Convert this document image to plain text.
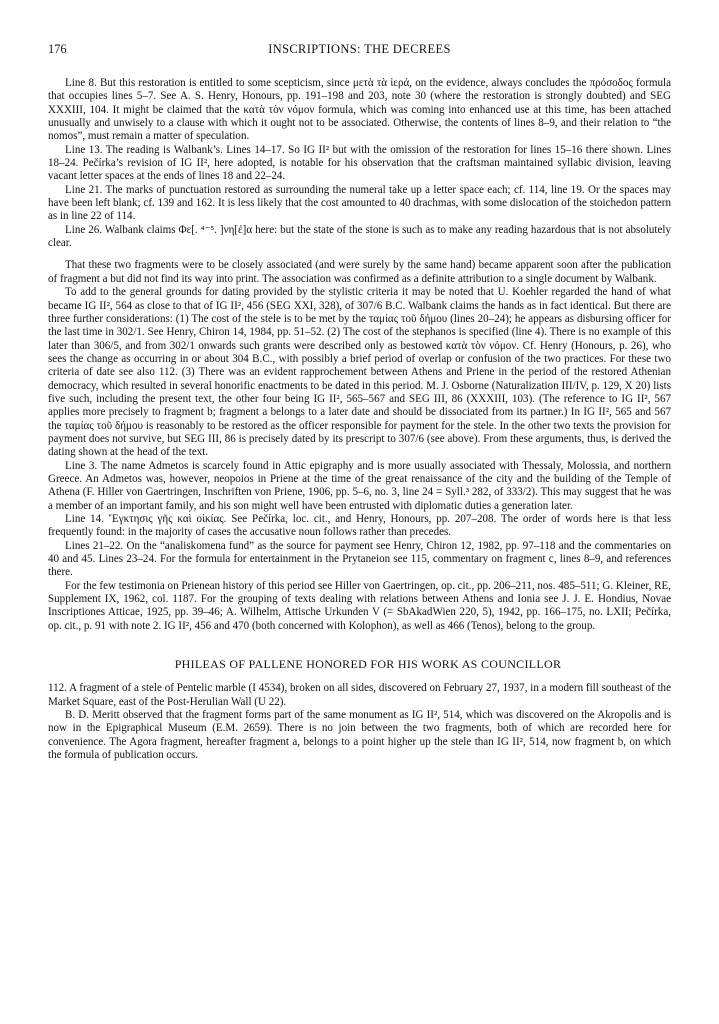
176	INSCRIPTIONS: THE DECREES

Line 8. But this restoration is entitled to some scepticism, since μετὰ τὰ ἱερά, on the evidence, always concludes the πρόσοδος formula that occupies lines 5–7. See A. S. Henry, Honours, pp. 191–198 and 203, note 30 (where the restoration is strongly doubted) and SEG XXXIII, 104. It might be claimed that the κατὰ τὸν νόμον formula, which was coming into enhanced use at this time, has been attached unusually and unwisely to a clause with which it ought not to be associated. Otherwise, the contents of lines 8–9, and their relation to “the nomos”, must remain a matter of speculation.

Line 13. The reading is Walbank’s. Lines 14–17. So IG II² but with the omission of the restoration for lines 15–16 there shown. Lines 18–24. Pečírka’s revision of IG II², here adopted, is notable for his observation that the craftsman maintained syllabic division, leaving vacant letter spaces at the ends of lines 18 and 22–24.

Line 21. The marks of punctuation restored as surrounding the numeral take up a letter space each; cf. 114, line 19. Or the spaces may have been left blank; cf. 139 and 162. It is less likely that the cost amounted to 40 drachmas, with some dislocation of the stoichedon pattern as in line 22 of 114.

Line 26. Walbank claims Φε[. ⁴⁻⁵. ]νη[έ]α here: but the state of the stone is such as to make any reading hazardous that is not absolutely clear.

That these two fragments were to be closely associated (and were surely by the same hand) became apparent soon after the publication of fragment a but did not find its way into print. The association was confirmed as a definite attribution to a single document by Walbank.

To add to the general grounds for dating provided by the stylistic criteria it may be noted that U. Koehler regarded the hand of what became IG II², 564 as close to that of IG II², 456 (SEG XXI, 328), of 307/6 B.C. Walbank claims the hands as in fact identical. But there are three further considerations: (1) The cost of the stele is to be met by the ταμίας τοῦ δήμου (lines 20–24); he appears as disbursing officer for the last time in 302/1. See Henry, Chiron 14, 1984, pp. 51–52. (2) The cost of the stephanos is specified (line 4). There is no example of this later than 306/5, and from 302/1 onwards such grants were described only as bestowed κατὰ τὸν νόμον. Cf. Henry (Honours, p. 26), who sees the change as occurring in or about 304 B.C., with possibly a brief period of overlap or confusion of the two practices. For these two criteria of date see also 112. (3) There was an evident rapprochement between Athens and Priene in the period of the restored Athenian democracy, which resulted in several honorific enactments to be dated in this period. M. J. Osborne (Naturalization III/IV, p. 129, X 20) lists five such, including the present text, the other four being IG II², 565–567 and SEG III, 86 (XXXIII, 103). (The reference to IG II², 567 applies more precisely to fragment b; fragment a belongs to a later date and should be dissociated from its partner.) In IG II², 565 and 567 the ταμίας τοῦ δήμου is reasonably to be restored as the officer responsible for payment for the stele. In the other two texts the provision for payment does not survive, but SEG III, 86 is precisely dated by its prescript to 307/6 (see above). From these arguments, thus, is derived the dating shown at the head of the text.

Line 3. The name Admetos is scarcely found in Attic epigraphy and is more usually associated with Thessaly, Molossia, and northern Greece. An Admetos was, however, neopoios in Priene at the time of the great renaissance of the city and the building of the Temple of Athena (F. Hiller von Gaertringen, Inschriften von Priene, 1906, pp. 5–6, no. 3, line 24 = Syll.³ 282, of 333/2). This may suggest that he was a member of an important family, and his son might well have been entrusted with diplomatic duties a generation later.

Line 14. Ἔγκτησις γῆς καὶ οἰκίας. See Pečírka, loc. cit., and Henry, Honours, pp. 207–208. The order of words here is that less frequently found: in the majority of cases the accusative noun follows rather than precedes.

Lines 21–22. On the “analiskomena fund” as the source for payment see Henry, Chiron 12, 1982, pp. 97–118 and the commentaries on 40 and 45. Lines 23–24. For the formula for entertainment in the Prytaneion see 115, commentary on fragment c, lines 8–9, and references there.

For the few testimonia on Prienean history of this period see Hiller von Gaertringen, op. cit., pp. 206–211, nos. 485–511; G. Kleiner, RE, Supplement IX, 1962, col. 1187. For the grouping of texts dealing with relations between Athens and Ionia see J. J. E. Hondius, Novae Inscriptiones Atticae, 1925, pp. 39–46; A. Wilhelm, Attische Urkunden V (= SbAkadWien 220, 5), 1942, pp. 166–175, no. LXII; Pečírka, op. cit., p. 91 with note 2. IG II², 456 and 470 (both concerned with Kolophon), as well as 466 (Tenos), belong to the group.

PHILEAS OF PALLENE HONORED FOR HIS WORK AS COUNCILLOR

112. A fragment of a stele of Pentelic marble (I 4534), broken on all sides, discovered on February 27, 1937, in a modern fill southeast of the Market Square, east of the Post-Herulian Wall (U 22).

B. D. Meritt observed that the fragment forms part of the same monument as IG II², 514, which was discovered on the Akropolis and is now in the Epigraphical Museum (E.M. 2659). There is no join between the two fragments, both of which are recorded here for convenience. The Agora fragment, hereafter fragment a, belongs to a point higher up the stele than IG II², 514, now fragment b, on which the formula of publication occurs.
